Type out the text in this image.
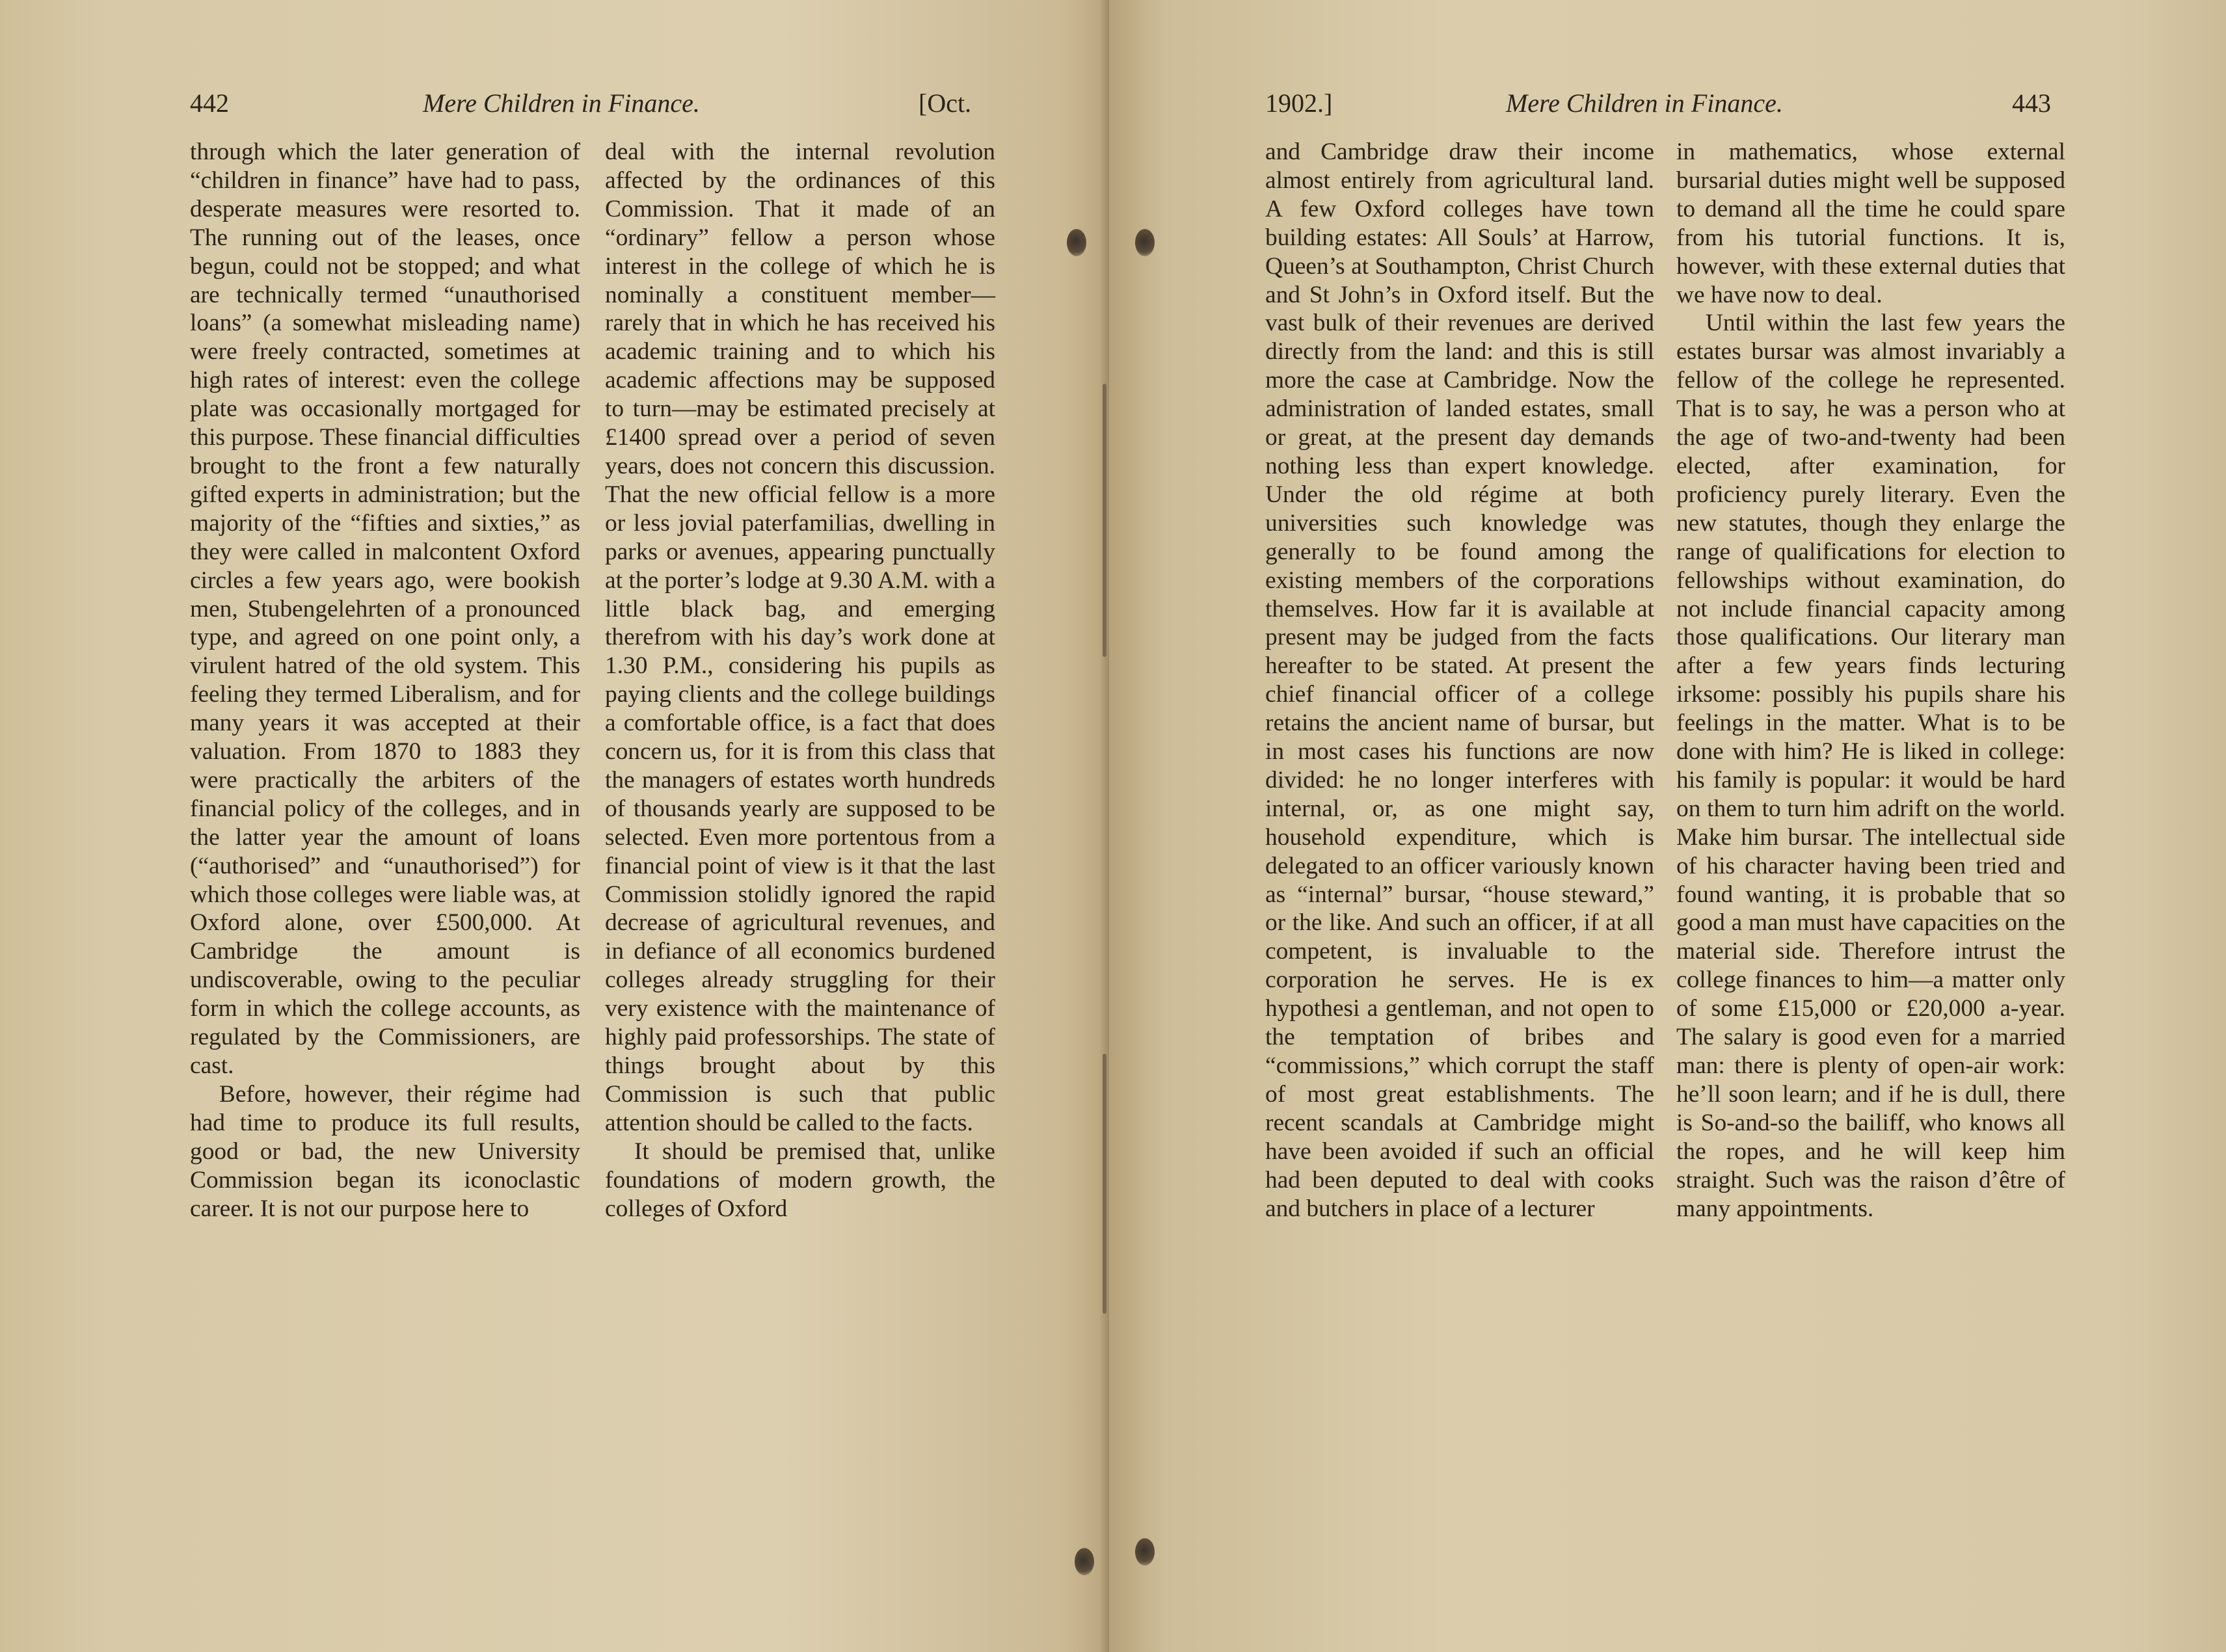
442	Mere Children in Finance.	[Oct.

through which the later generation of “children in finance” have had to pass, desperate measures were resorted to. The running out of the leases, once begun, could not be stopped; and what are technically termed “unauthorised loans” (a somewhat misleading name) were freely contracted, sometimes at high rates of interest: even the college plate was occasionally mortgaged for this purpose. These financial difficulties brought to the front a few naturally gifted experts in administration; but the majority of the “fifties and sixties,” as they were called in malcontent Oxford circles a few years ago, were bookish men, Stubengelehrten of a pronounced type, and agreed on one point only, a virulent hatred of the old system. This feeling they termed Liberalism, and for many years it was accepted at their valuation. From 1870 to 1883 they were practically the arbiters of the financial policy of the colleges, and in the latter year the amount of loans (“authorised” and “unauthorised”) for which those colleges were liable was, at Oxford alone, over £500,000. At Cambridge the amount is undiscoverable, owing to the peculiar form in which the college accounts, as regulated by the Commissioners, are cast.

Before, however, their régime had had time to produce its full results, good or bad, the new University Commission began its iconoclastic career. It is not our purpose here to

deal with the internal revolution affected by the ordinances of this Commission. That it made of an “ordinary” fellow a person whose interest in the college of which he is nominally a constituent member—rarely that in which he has received his academic training and to which his academic affections may be supposed to turn—may be estimated precisely at £1400 spread over a period of seven years, does not concern this discussion. That the new official fellow is a more or less jovial paterfamilias, dwelling in parks or avenues, appearing punctually at the porter’s lodge at 9.30 A.M. with a little black bag, and emerging therefrom with his day’s work done at 1.30 P.M., considering his pupils as paying clients and the college buildings a comfortable office, is a fact that does concern us, for it is from this class that the managers of estates worth hundreds of thousands yearly are supposed to be selected. Even more portentous from a financial point of view is it that the last Commission stolidly ignored the rapid decrease of agricultural revenues, and in defiance of all economics burdened colleges already struggling for their very existence with the maintenance of highly paid professorships. The state of things brought about by this Commission is such that public attention should be called to the facts.

It should be premised that, unlike foundations of modern growth, the colleges of Oxford

1902.]	Mere Children in Finance.	443

and Cambridge draw their income almost entirely from agricultural land. A few Oxford colleges have town building estates: All Souls’ at Harrow, Queen’s at Southampton, Christ Church and St John’s in Oxford itself. But the vast bulk of their revenues are derived directly from the land: and this is still more the case at Cambridge. Now the administration of landed estates, small or great, at the present day demands nothing less than expert knowledge. Under the old régime at both universities such knowledge was generally to be found among the existing members of the corporations themselves. How far it is available at present may be judged from the facts hereafter to be stated. At present the chief financial officer of a college retains the ancient name of bursar, but in most cases his functions are now divided: he no longer interferes with internal, or, as one might say, household expenditure, which is delegated to an officer variously known as “internal” bursar, “house steward,” or the like. And such an officer, if at all competent, is invaluable to the corporation he serves. He is ex hypothesi a gentleman, and not open to the temptation of bribes and “commissions,” which corrupt the staff of most great establishments. The recent scandals at Cambridge might have been avoided if such an official had been deputed to deal with cooks and butchers in place of a lecturer

in mathematics, whose external bursarial duties might well be supposed to demand all the time he could spare from his tutorial functions. It is, however, with these external duties that we have now to deal.

Until within the last few years the estates bursar was almost invariably a fellow of the college he represented. That is to say, he was a person who at the age of two-and-twenty had been elected, after examination, for proficiency purely literary. Even the new statutes, though they enlarge the range of qualifications for election to fellowships without examination, do not include financial capacity among those qualifications. Our literary man after a few years finds lecturing irksome: possibly his pupils share his feelings in the matter. What is to be done with him? He is liked in college: his family is popular: it would be hard on them to turn him adrift on the world. Make him bursar. The intellectual side of his character having been tried and found wanting, it is probable that so good a man must have capacities on the material side. Therefore intrust the college finances to him—a matter only of some £15,000 or £20,000 a-year. The salary is good even for a married man: there is plenty of open-air work: he’ll soon learn; and if he is dull, there is So-and-so the bailiff, who knows all the ropes, and he will keep him straight. Such was the raison d’être of many appointments.
